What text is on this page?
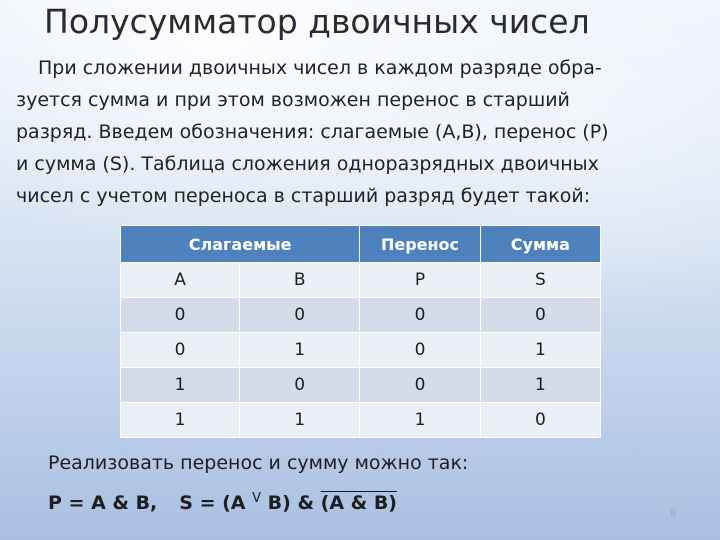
Полусумматор двоичных чисел
При сложении двоичных чисел в каждом разряде обра-
зуется сумма и при этом возможен перенос в старший
разряд. Введем обозначения: слагаемые (A,B), перенос (P)
и сумма (S). Таблица сложения одноразрядных двоичных
чисел с учетом переноса в старший разряд будет такой:
Слагаемые		Перенос	Сумма
A	B	P	S
0	0	0	0
0	1	0	1
1	0	0	1
1	1	1	0
Реализовать перенос и сумму можно так:
P = A & B, S = (A $^V$ B) & (A & B)	8
